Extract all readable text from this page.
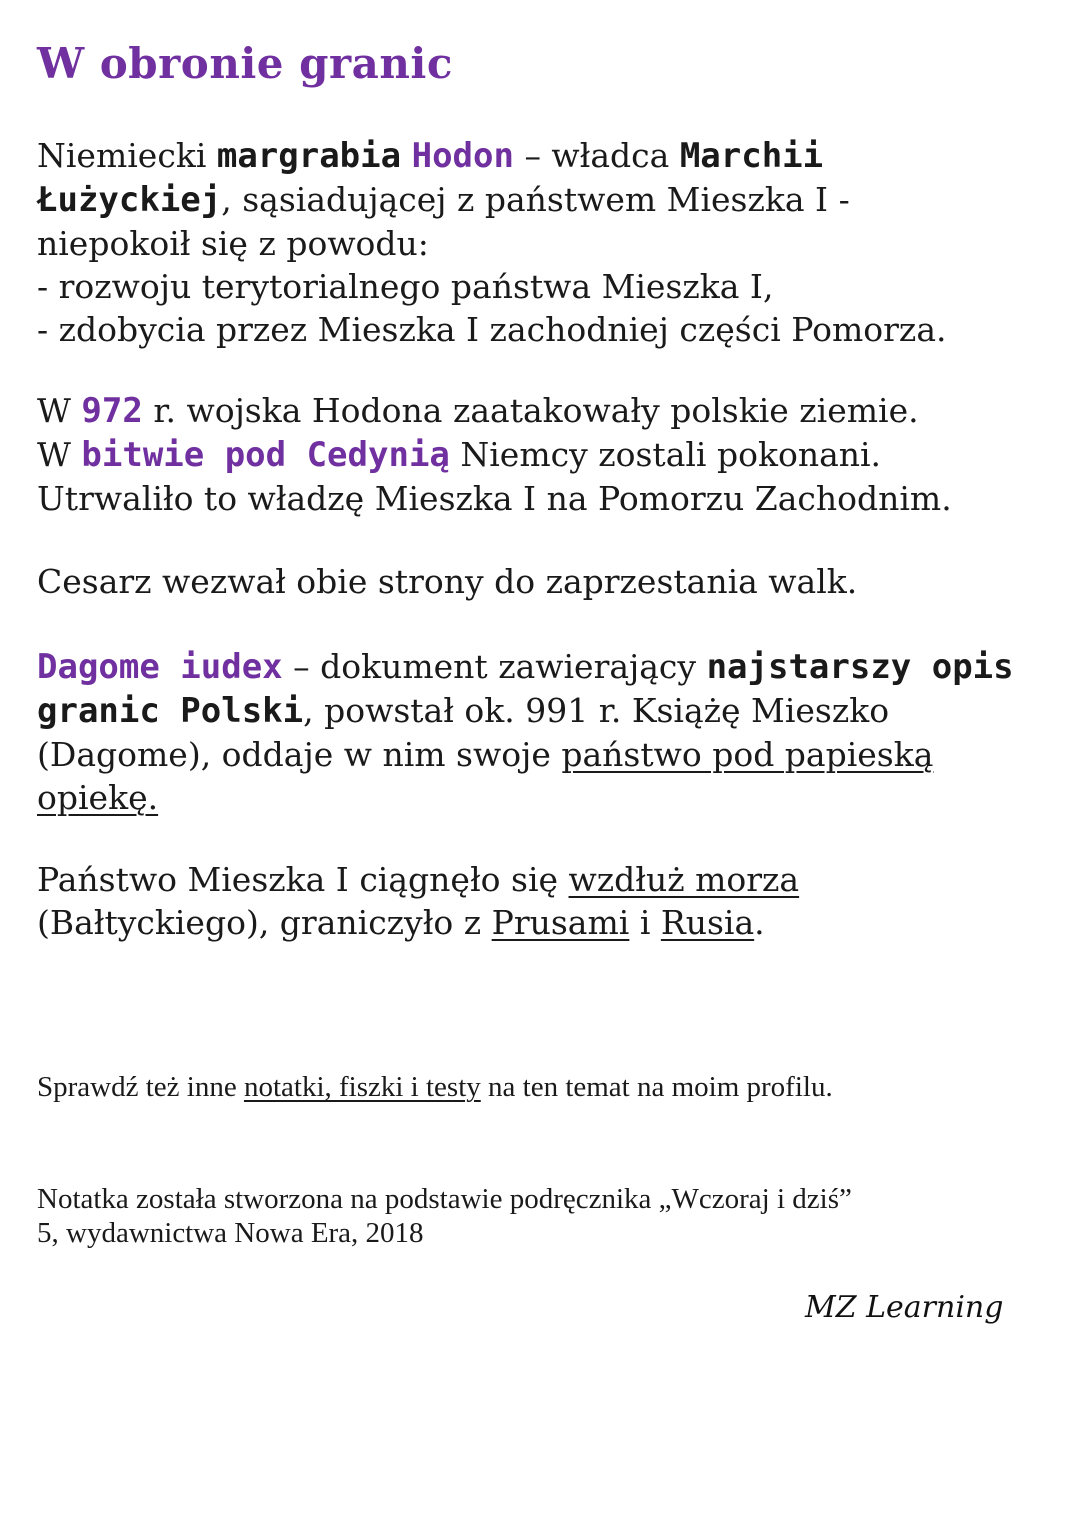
W obronie granic

Niemiecki margrabia Hodon – władca Marchii
Łużyckiej, sąsiadującej z państwem Mieszka I -
niepokoił się z powodu:
- rozwoju terytorialnego państwa Mieszka I,
- zdobycia przez Mieszka I zachodniej części Pomorza.

W 972 r. wojska Hodona zaatakowały polskie ziemie.
W bitwie pod Cedynią Niemcy zostali pokonani.
Utrwaliło to władzę Mieszka I na Pomorzu Zachodnim.

Cesarz wezwał obie strony do zaprzestania walk.

Dagome iudex – dokument zawierający najstarszy opis
granic Polski, powstał ok. 991 r. Książę Mieszko
(Dagome), oddaje w nim swoje państwo pod papieską
opiekę.

Państwo Mieszka I ciągnęło się wzdłuż morza
(Bałtyckiego), graniczyło z Prusami i Rusia.

Sprawdź też inne notatki, fiszki i testy na ten temat na moim profilu.

Notatka została stworzona na podstawie podręcznika „Wczoraj i dziś”
5, wydawnictwa Nowa Era, 2018

MZ Learning
